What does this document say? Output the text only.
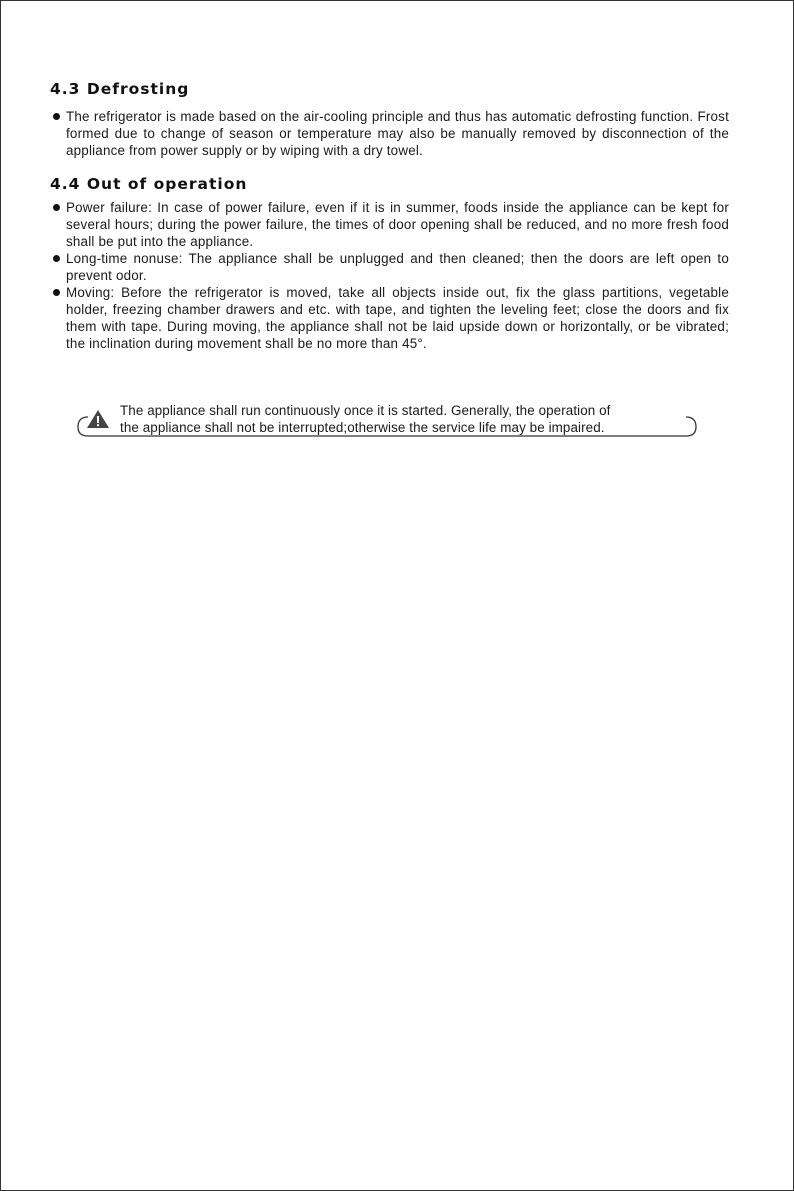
4.3 Defrosting
The refrigerator is made based on the air-cooling principle and thus has automatic defrosting function. Frost formed due to change of season or temperature may also be manually removed by disconnection of the appliance from power supply or by wiping with a dry towel.
4.4 Out of operation
Power failure: In case of power failure, even if it is in summer, foods inside the appliance can be kept for several hours; during the power failure, the times of door opening shall be reduced, and no more fresh food shall be put into the appliance.
Long-time nonuse: The appliance shall be unplugged and then cleaned; then the doors are left open to prevent odor.
Moving: Before the refrigerator is moved, take all objects inside out, fix the glass partitions, vegetable holder, freezing chamber drawers and etc. with tape, and tighten the leveling feet; close the doors and fix them with tape. During moving, the appliance shall not be laid upside down or horizontally, or be vibrated; the inclination during movement shall be no more than 45°.
The appliance shall run continuously once it is started. Generally, the operation of
the appliance shall not be interrupted;otherwise the service life may be impaired.
